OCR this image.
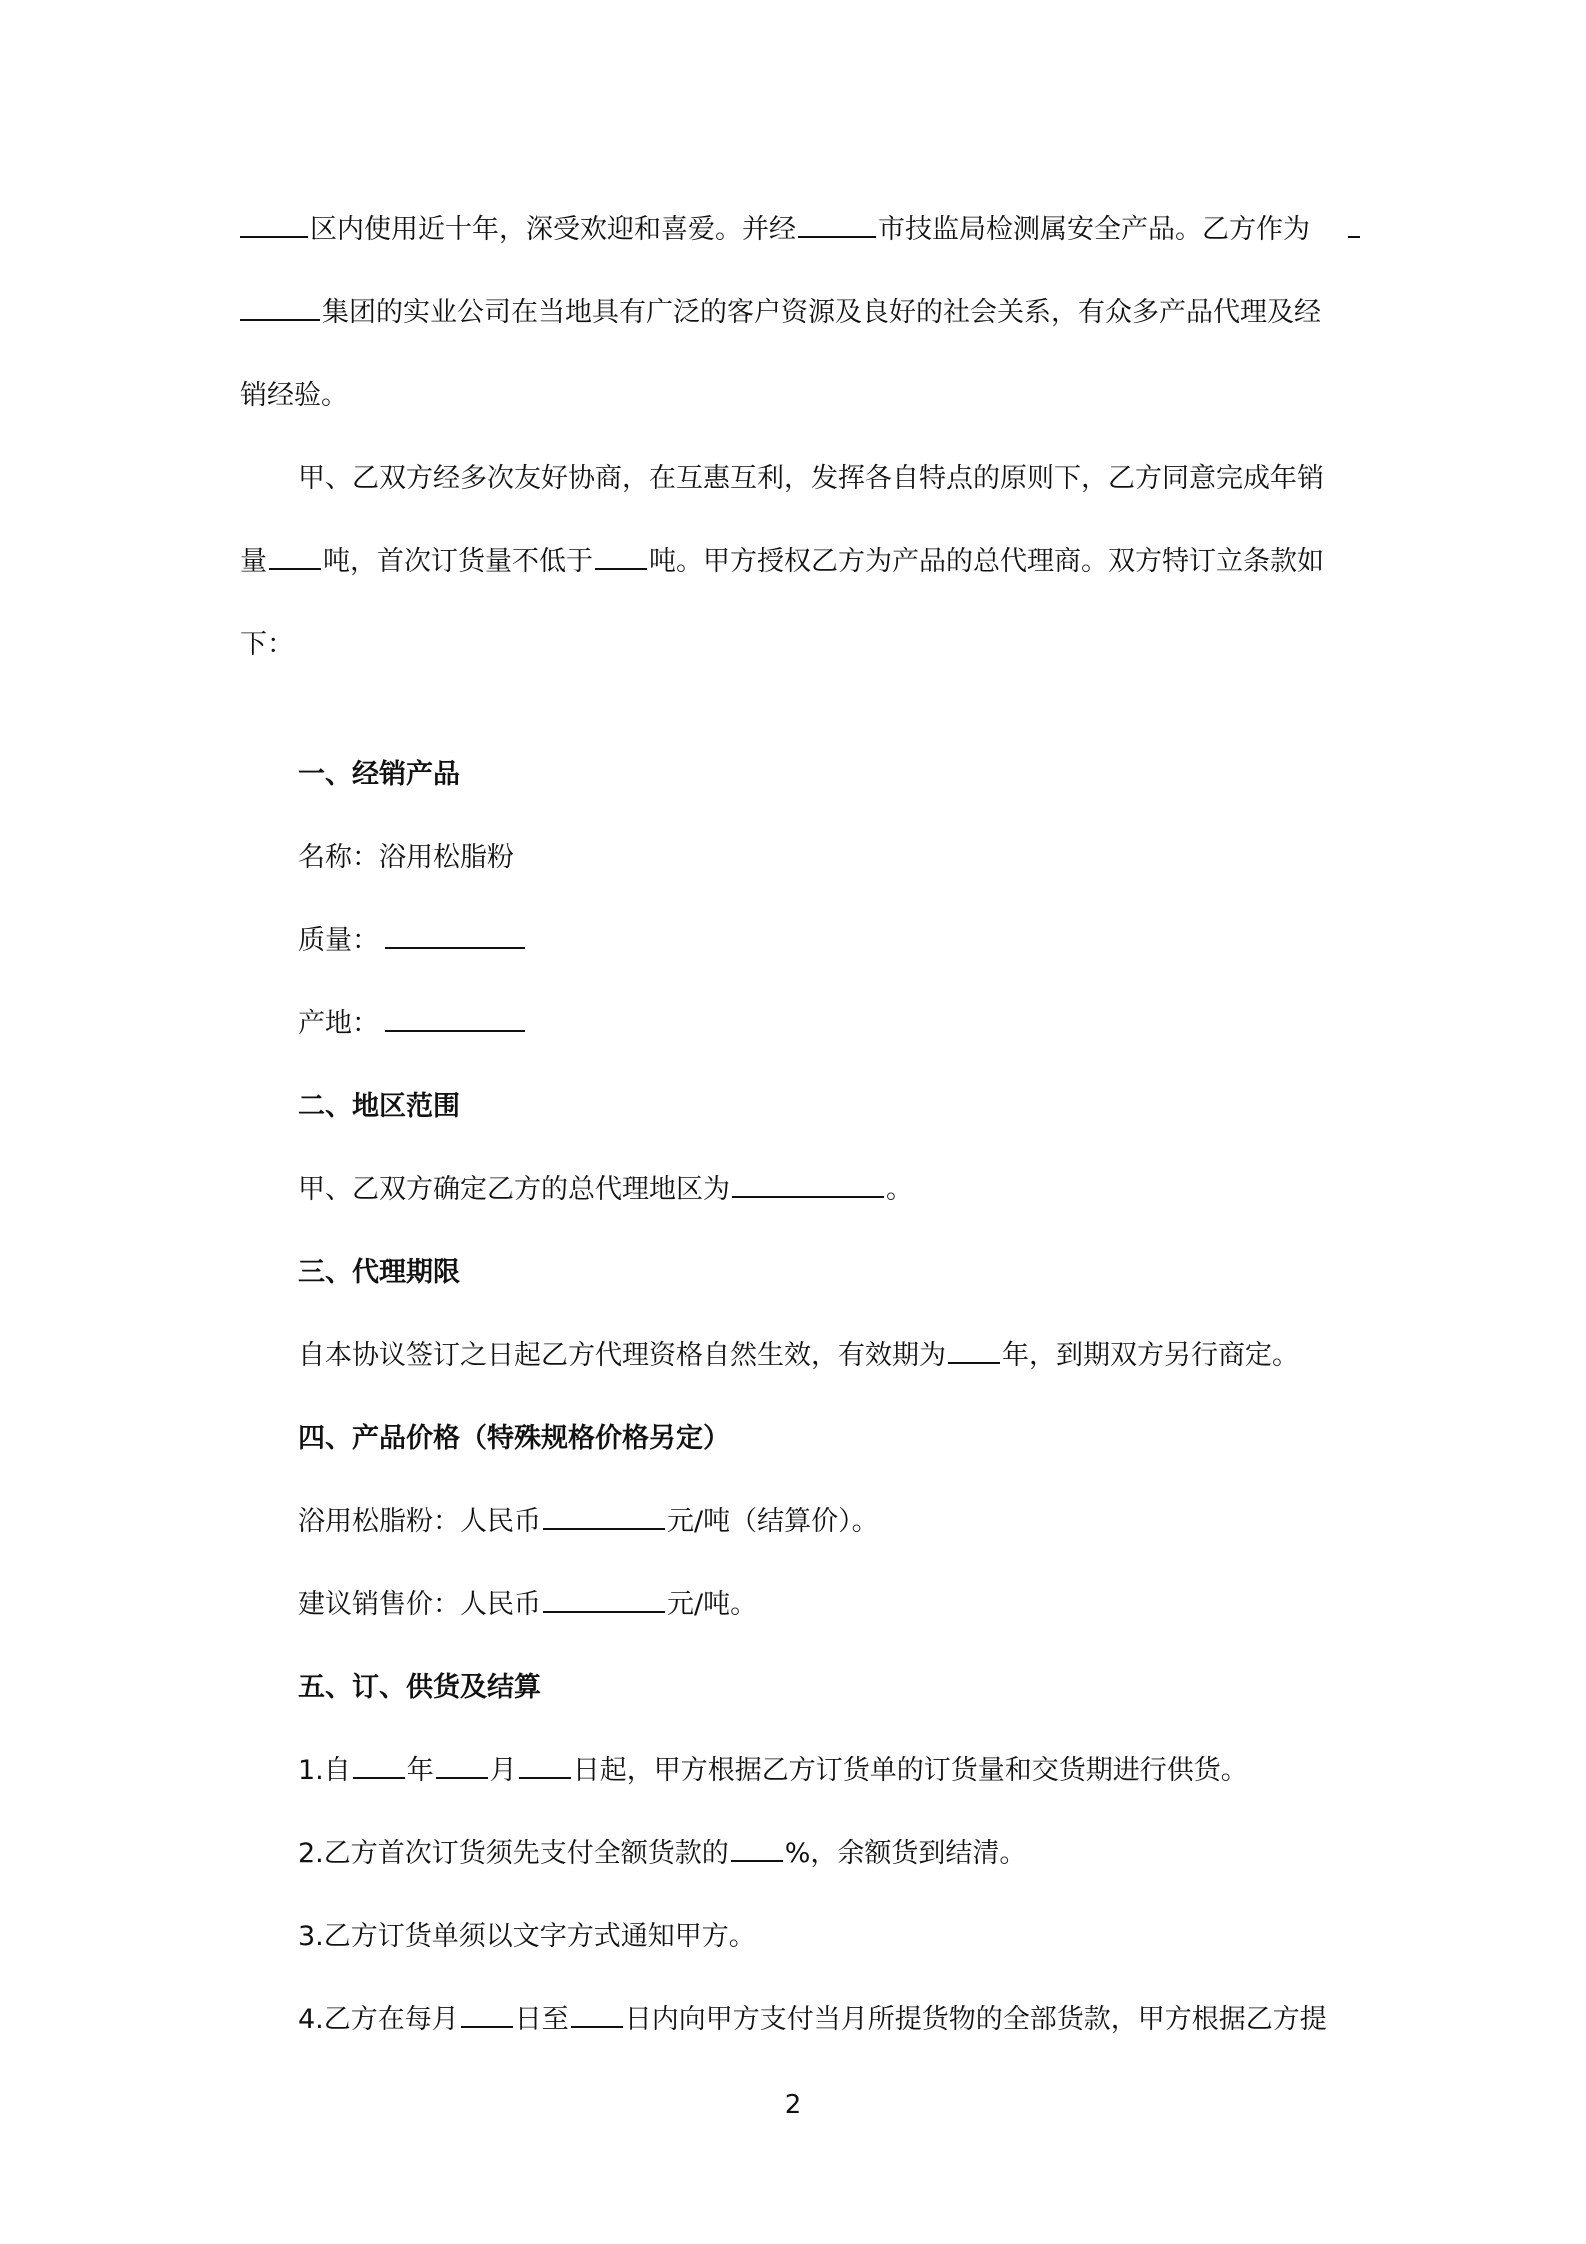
区内使用近十年，深受欢迎和喜爱。并经	市技监局检测属安全产品。乙方作为
集团的实业公司在当地具有广泛的客户资源及良好的社会关系，有众多产品代理及经
销经验。
甲、乙双方经多次友好协商，在互惠互利，发挥各自特点的原则下，乙方同意完成年销
量 吨，首次订货量不低于 吨。甲方授权乙方为产品的总代理商。双方特订立条款如
下：
一、经销产品
名称：浴用松脂粉
质量：
产地：
二、地区范围
甲、乙双方确定乙方的总代理地区为	。
三、代理期限
自本协议签订之日起乙方代理资格自然生效，有效期为 年，到期双方另行商定。
四、产品价格（特殊规格价格另定）
浴用松脂粉：人民币	元/吨（结算价）。
建议销售价：人民币	元/吨。
五、订、供货及结算
1.自 年 月 日起，甲方根据乙方订货单的订货量和交货期进行供货。
2.乙方首次订货须先支付全额货款的 %，余额货到结清。
3.乙方订货单须以文字方式通知甲方。
4.乙方在每月 日至 日内向甲方支付当月所提货物的全部货款，甲方根据乙方提
2
